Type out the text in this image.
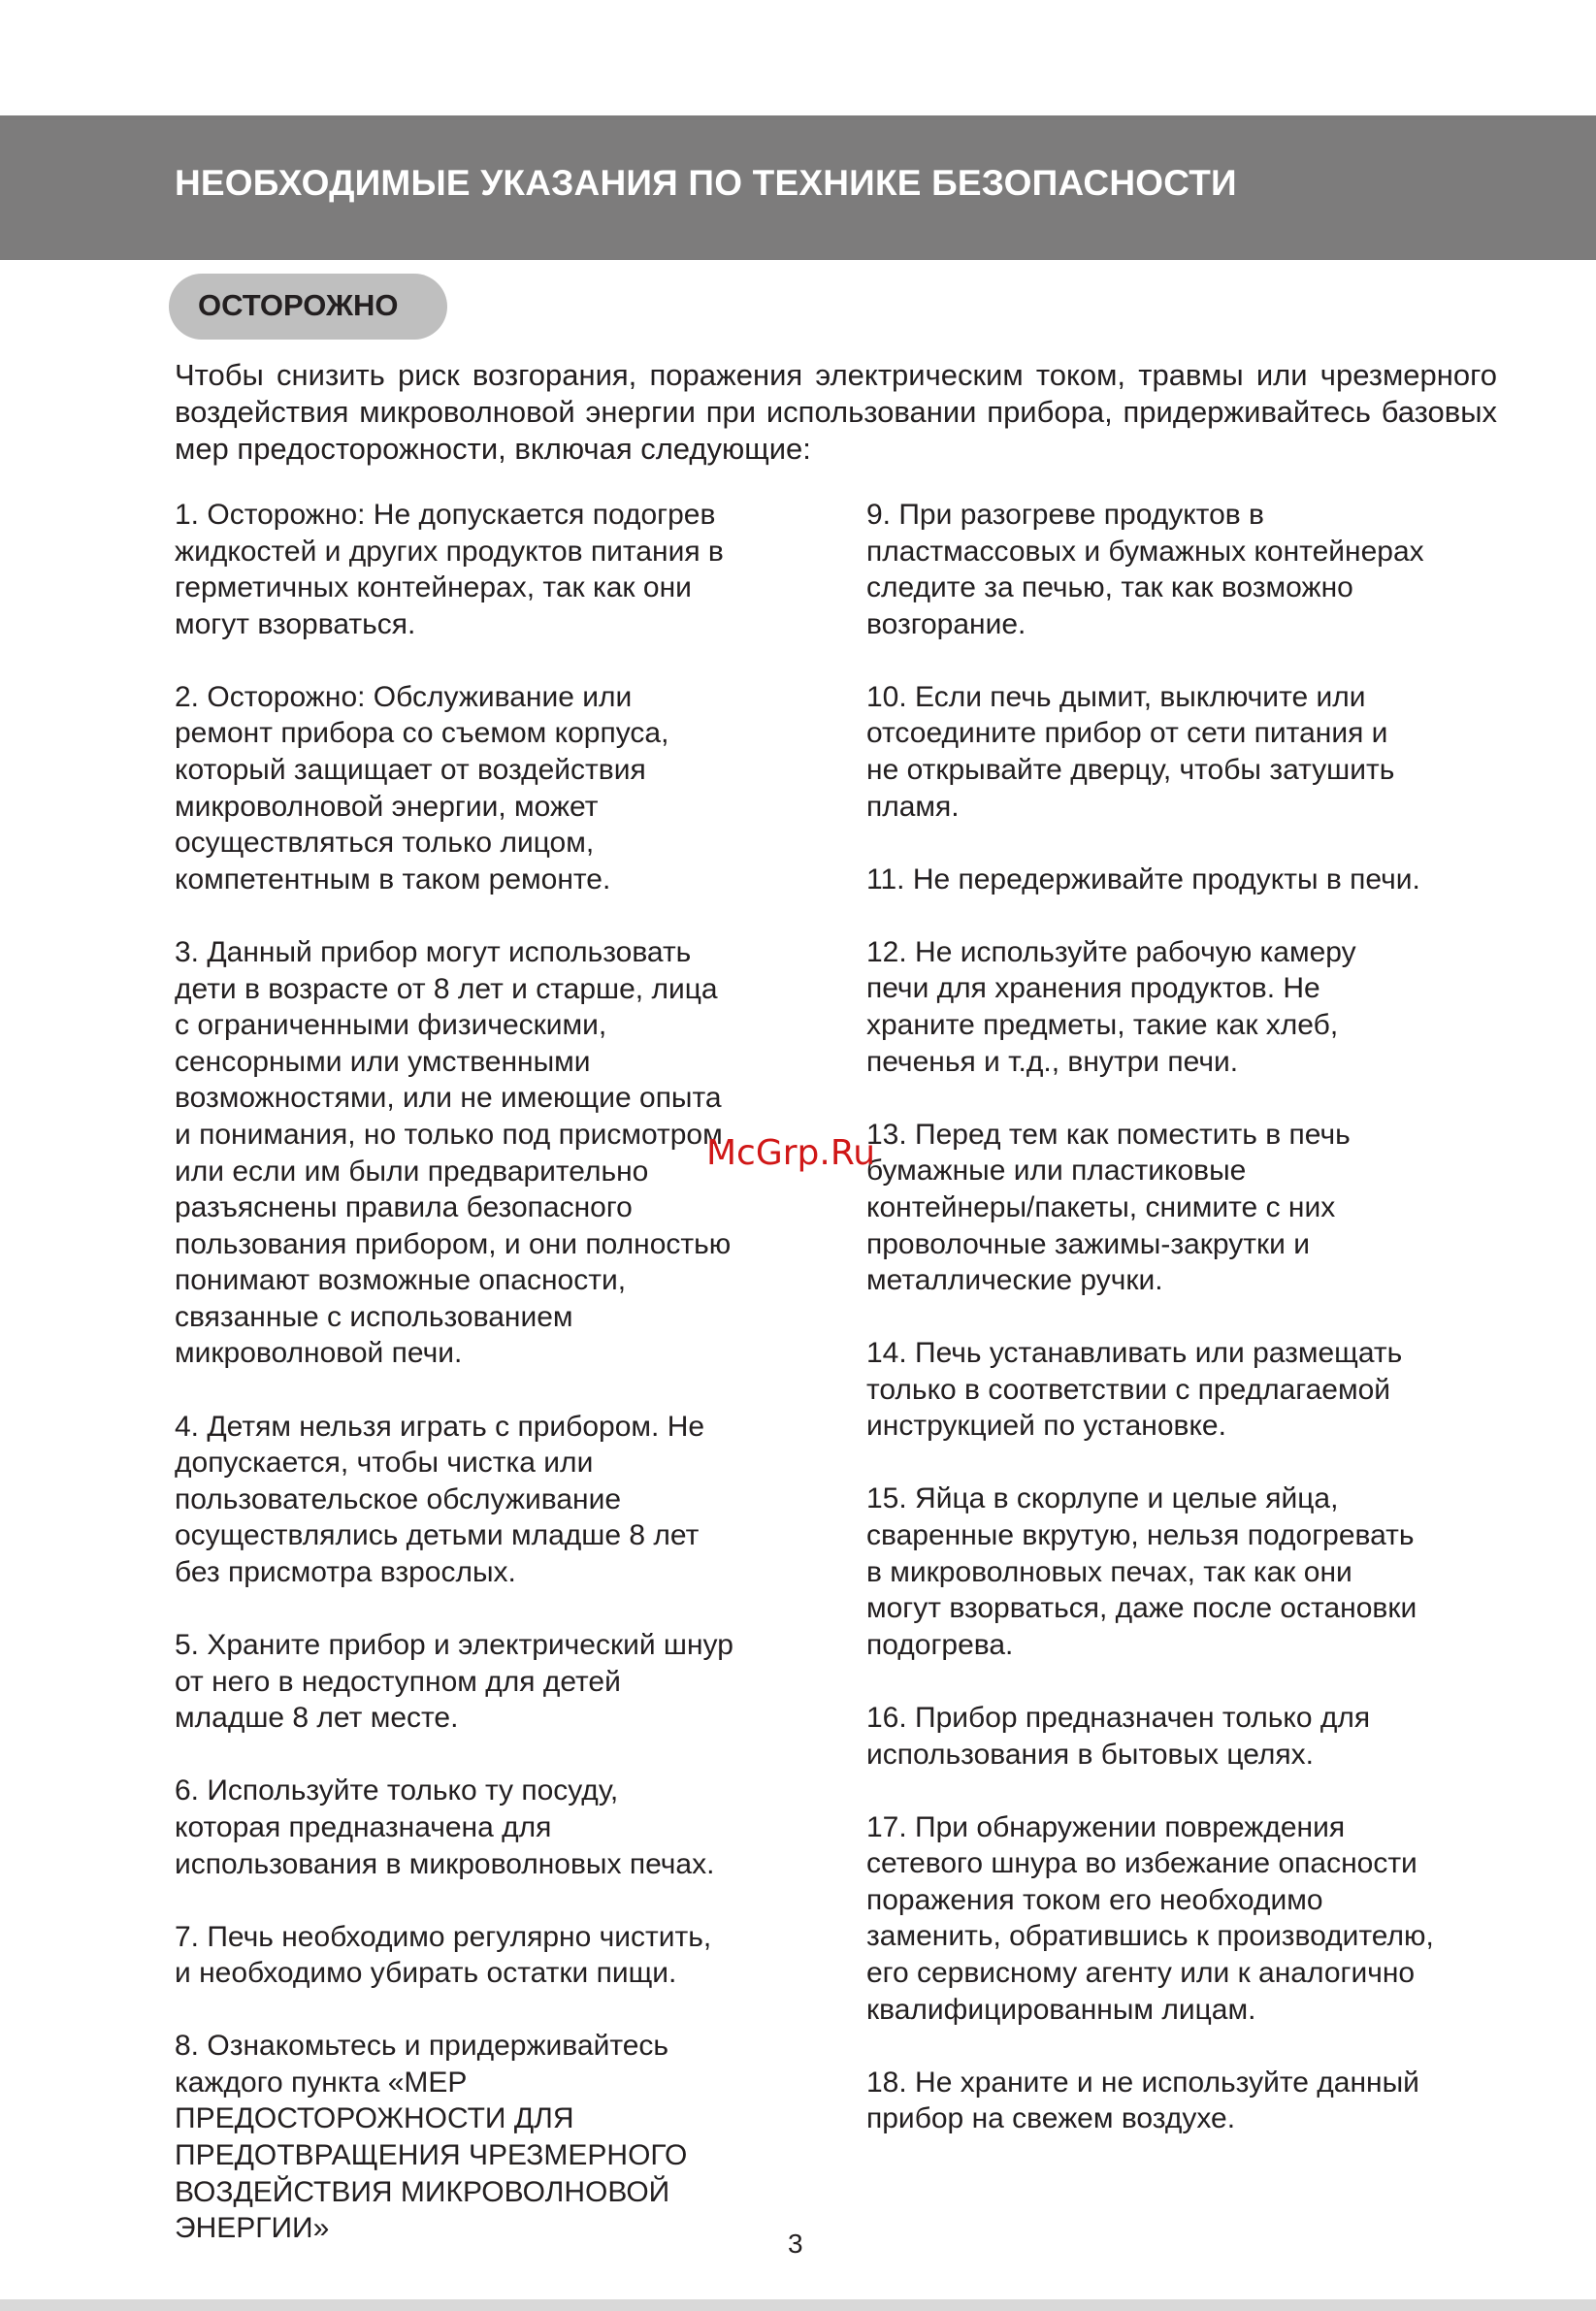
НЕОБХОДИМЫЕ УКАЗАНИЯ ПО ТЕХНИКЕ БЕЗОПАСНОСТИ
ОСТОРОЖНО

Чтобы снизить риск возгорания, поражения электрическим током, травмы или чрезмерного воздействия микроволновой энергии при использовании прибора, придерживайтесь базовых мер предосторожности, включая следующие:

1. Осторожно: Не допускается подогрев
жидкостей и других продуктов питания в
герметичных контейнерах, так как они
могут взорваться.
2. Осторожно: Обслуживание или
ремонт прибора со съемом корпуса,
который защищает от воздействия
микроволновой энергии, может
осуществляться только лицом,
компетентным в таком ремонте.
3. Данный прибор могут использовать
дети в возрасте от 8 лет и старше, лица
с ограниченными физическими,
сенсорными или умственными
возможностями, или не имеющие опыта
и понимания, но только под присмотром
или если им были предварительно
разъяснены правила безопасного
пользования прибором, и они полностью
понимают возможные опасности,
связанные с использованием
микроволновой печи.
4. Детям нельзя играть с прибором. Не
допускается, чтобы чистка или
пользовательское обслуживание
осуществлялись детьми младше 8 лет
без присмотра взрослых.
5. Храните прибор и электрический шнур
от него в недоступном для детей
младше 8 лет месте.
6. Используйте только ту посуду,
которая предназначена для
использования в микроволновых печах.
7. Печь необходимо регулярно чистить,
и необходимо убирать остатки пищи.
8. Ознакомьтесь и придерживайтесь
каждого пункта «МЕР
ПРЕДОСТОРОЖНОСТИ ДЛЯ
ПРЕДОТВРАЩЕНИЯ ЧРЕЗМЕРНОГО
ВОЗДЕЙСТВИЯ МИКРОВОЛНОВОЙ
ЭНЕРГИИ»
9. При разогреве продуктов в
пластмассовых и бумажных контейнерах
следите за печью, так как возможно
возгорание.
10. Если печь дымит, выключите или
отсоедините прибор от сети питания и
не открывайте дверцу, чтобы затушить
пламя.
11. Не передерживайте продукты в печи.
12. Не используйте рабочую камеру
печи для хранения продуктов. Не
храните предметы, такие как хлеб,
печенья и т.д., внутри печи.
13. Перед тем как поместить в печь
бумажные или пластиковые
контейнеры/пакеты, снимите с них
проволочные зажимы-закрутки и
металлические ручки.
14. Печь устанавливать или размещать
только в соответствии с предлагаемой
инструкцией по установке.
15. Яйца в скорлупе и целые яйца,
сваренные вкрутую, нельзя подогревать
в микроволновых печах, так как они
могут взорваться, даже после остановки
подогрева.
16. Прибор предназначен только для
использования в бытовых целях.
17. При обнаружении повреждения
сетевого шнура во избежание опасности
поражения током его необходимо
заменить, обратившись к производителю,
его сервисному агенту или к аналогично
квалифицированным лицам.
18. Не храните и не используйте данный
прибор на свежем воздухе.
McGrp.Ru
3
